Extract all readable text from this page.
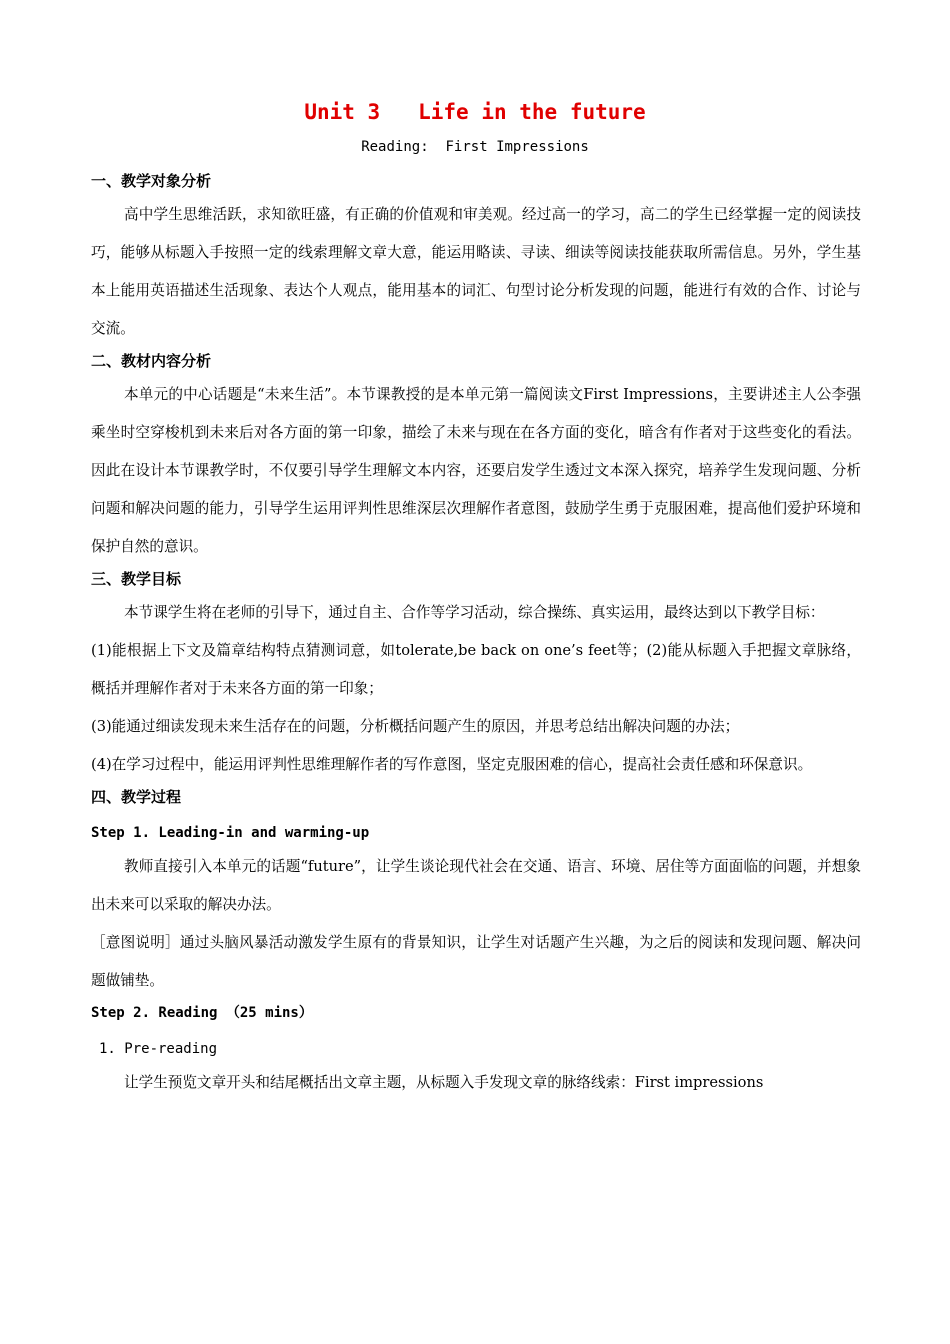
Unit 3   Life in the future
Reading:  First Impressions

一、教学对象分析

高中学生思维活跃，求知欲旺盛，有正确的价值观和审美观。经过高一的学习，高二的学生已经掌握一定的阅读技巧，能够从标题入手按照一定的线索理解文章大意，能运用略读、寻读、细读等阅读技能获取所需信息。另外，学生基本上能用英语描述生活现象、表达个人观点，能用基本的词汇、句型讨论分析发现的问题，能进行有效的合作、讨论与交流。

二、教材内容分析

本单元的中心话题是“未来生活”。本节课教授的是本单元第一篇阅读文First Impressions，主要讲述主人公李强乘坐时空穿梭机到未来后对各方面的第一印象，描绘了未来与现在在各方面的变化，暗含有作者对于这些变化的看法。因此在设计本节课教学时，不仅要引导学生理解文本内容，还要启发学生透过文本深入探究，培养学生发现问题、分析问题和解决问题的能力，引导学生运用评判性思维深层次理解作者意图，鼓励学生勇于克服困难，提高他们爱护环境和保护自然的意识。

三、教学目标

本节课学生将在老师的引导下，通过自主、合作等学习活动，综合操练、真实运用，最终达到以下教学目标：

(1)能根据上下文及篇章结构特点猜测词意，如tolerate,be back on one’s feet等；(2)能从标题入手把握文章脉络，概括并理解作者对于未来各方面的第一印象；

(3)能通过细读发现未来生活存在的问题，分析概括问题产生的原因，并思考总结出解决问题的办法；

(4)在学习过程中，能运用评判性思维理解作者的写作意图，坚定克服困难的信心，提高社会责任感和环保意识。

四、教学过程

Step 1. Leading-in and warming-up

教师直接引入本单元的话题“future”，让学生谈论现代社会在交通、语言、环境、居住等方面面临的问题，并想象出未来可以采取的解决办法。

［意图说明］通过头脑风暴活动激发学生原有的背景知识，让学生对话题产生兴趣，为之后的阅读和发现问题、解决问题做铺垫。

Step 2. Reading （25 mins）

1. Pre-reading

让学生预览文章开头和结尾概括出文章主题，从标题入手发现文章的脉络线索：First impressions
